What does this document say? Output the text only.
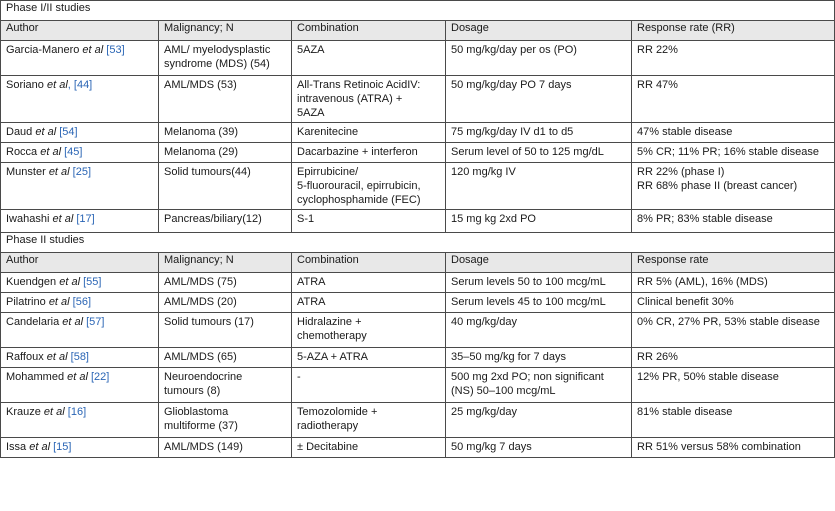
Phase I/II studies				
Author	Malignancy; N	Combination	Dosage	Response rate (RR)
Garcia-Manero et al [53]	AML/ myelodysplastic
syndrome (MDS) (54)	5AZA	50 mg/kg/day per os (PO)	RR 22%
Soriano et al, [44]	AML/MDS (53)	All-Trans Retinoic AcidIV:
intravenous (ATRA) +
5AZA	50 mg/kg/day PO 7 days	RR 47%
Daud et al [54]	Melanoma (39)	Karenitecine	75 mg/kg/day IV d1 to d5	47% stable disease
Rocca et al [45]	Melanoma (29)	Dacarbazine + interferon	Serum level of 50 to 125 mg/dL	5% CR; 11% PR; 16% stable disease
Munster et al [25]	Solid tumours(44)	Epirrubicine/
5-fluorouracil, epirrubicin,
cyclophosphamide (FEC)	120 mg/kg IV	RR 22% (phase I)
RR 68% phase II (breast cancer)
Iwahashi et al [17]	Pancreas/biliary(12)	S-1	15 mg kg 2xd PO	8% PR; 83% stable disease
Phase II studies				
Author	Malignancy; N	Combination	Dosage	Response rate
Kuendgen et al [55]	AML/MDS (75)	ATRA	Serum levels 50 to 100 mcg/mL	RR 5% (AML), 16% (MDS)
Pilatrino et al [56]	AML/MDS (20)	ATRA	Serum levels 45 to 100 mcg/mL	Clinical benefit 30%
Candelaria et al [57]	Solid tumours (17)	Hidralazine +
chemotherapy	40 mg/kg/day	0% CR, 27% PR, 53% stable disease
Raffoux et al [58]	AML/MDS (65)	5-AZA + ATRA	35–50 mg/kg for 7 days	RR 26%
Mohammed et al [22]	Neuroendocrine
tumours (8)	-	500 mg 2xd PO; non significant
(NS) 50–100 mcg/mL	12% PR, 50% stable disease
Krauze et al [16]	Glioblastoma
multiforme (37)	Temozolomide +
radiotherapy	25 mg/kg/day	81% stable disease
Issa et al [15]	AML/MDS (149)	± Decitabine	50 mg/kg 7 days	RR 51% versus 58% combination
